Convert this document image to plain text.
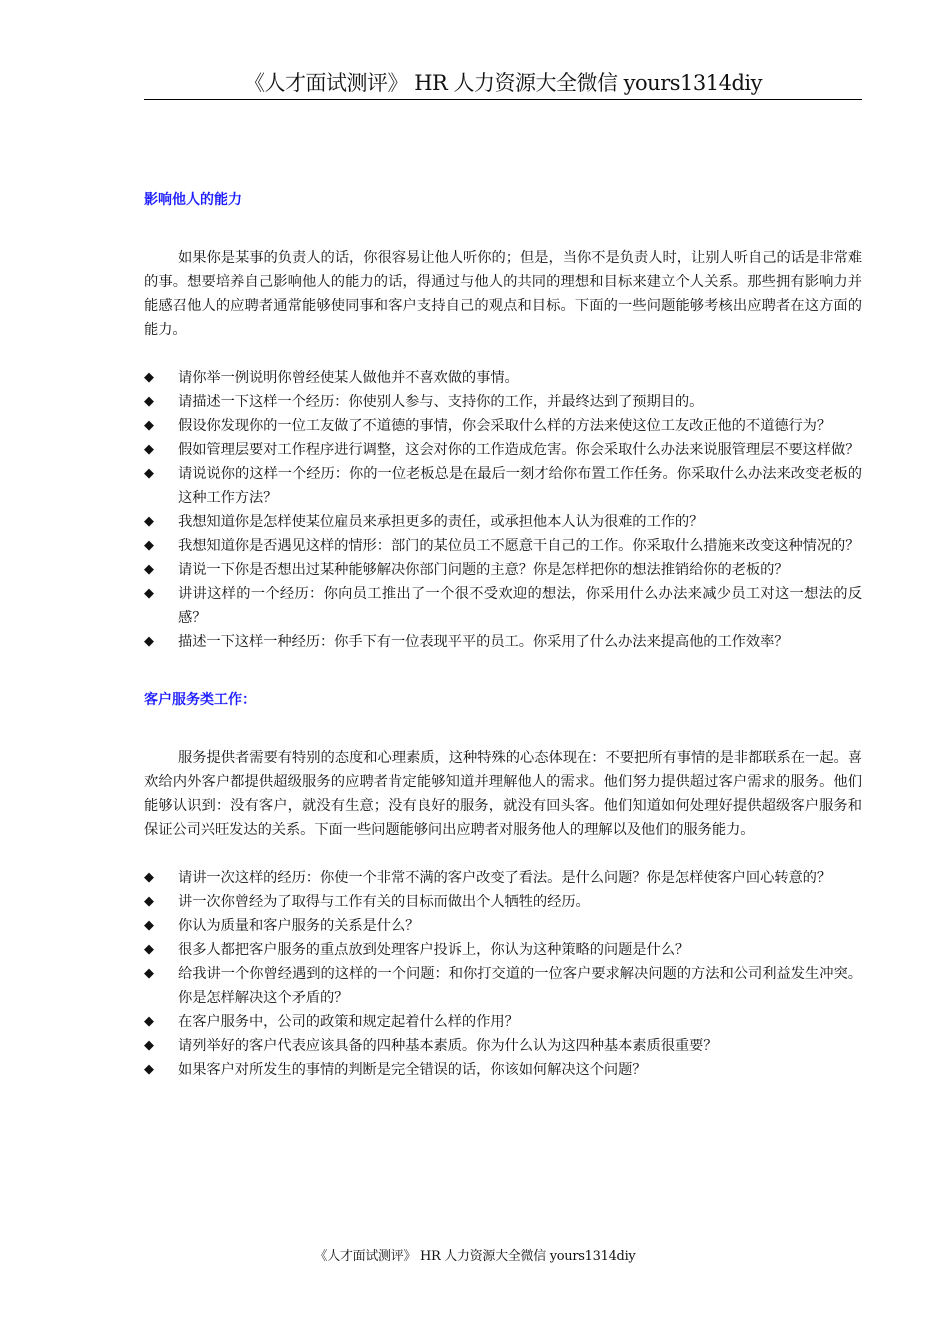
《人才面试测评》 HR 人力资源大全微信 yours1314diy
影响他人的能力

如果你是某事的负责人的话，你很容易让他人听你的；但是，当你不是负责人时，让别人听自己的话是非常难的事。想要培养自己影响他人的能力的话，得通过与他人的共同的理想和目标来建立个人关系。那些拥有影响力并能感召他人的应聘者通常能够使同事和客户支持自己的观点和目标。下面的一些问题能够考核出应聘者在这方面的能力。

◆ 请你举一例说明你曾经使某人做他并不喜欢做的事情。
◆ 请描述一下这样一个经历：你使别人参与、支持你的工作，并最终达到了预期目的。
◆ 假设你发现你的一位工友做了不道德的事情，你会采取什么样的方法来使这位工友改正他的不道德行为？
◆ 假如管理层要对工作程序进行调整，这会对你的工作造成危害。你会采取什么办法来说服管理层不要这样做？
◆ 请说说你的这样一个经历：你的一位老板总是在最后一刻才给你布置工作任务。你采取什么办法来改变老板的这种工作方法？
◆ 我想知道你是怎样使某位雇员来承担更多的责任，或承担他本人认为很难的工作的？
◆ 我想知道你是否遇见这样的情形：部门的某位员工不愿意干自己的工作。你采取什么措施来改变这种情况的？
◆ 请说一下你是否想出过某种能够解决你部门问题的主意？你是怎样把你的想法推销给你的老板的？
◆ 讲讲这样的一个经历：你向员工推出了一个很不受欢迎的想法，你采用什么办法来减少员工对这一想法的反感？
◆ 描述一下这样一种经历：你手下有一位表现平平的员工。你采用了什么办法来提高他的工作效率？
客户服务类工作：

服务提供者需要有特别的态度和心理素质，这种特殊的心态体现在：不要把所有事情的是非都联系在一起。喜欢给内外客户都提供超级服务的应聘者肯定能够知道并理解他人的需求。他们努力提供超过客户需求的服务。他们能够认识到：没有客户，就没有生意；没有良好的服务，就没有回头客。他们知道如何处理好提供超级客户服务和保证公司兴旺发达的关系。下面一些问题能够问出应聘者对服务他人的理解以及他们的服务能力。

◆ 请讲一次这样的经历：你使一个非常不满的客户改变了看法。是什么问题？你是怎样使客户回心转意的？
◆ 讲一次你曾经为了取得与工作有关的目标而做出个人牺牲的经历。
◆ 你认为质量和客户服务的关系是什么？
◆ 很多人都把客户服务的重点放到处理客户投诉上，你认为这种策略的问题是什么？
◆ 给我讲一个你曾经遇到的这样的一个问题：和你打交道的一位客户要求解决问题的方法和公司利益发生冲突。你是怎样解决这个矛盾的？
◆ 在客户服务中，公司的政策和规定起着什么样的作用？
◆ 请列举好的客户代表应该具备的四种基本素质。你为什么认为这四种基本素质很重要？
◆ 如果客户对所发生的事情的判断是完全错误的话，你该如何解决这个问题？
《人才面试测评》 HR 人力资源大全微信 yours1314diy
